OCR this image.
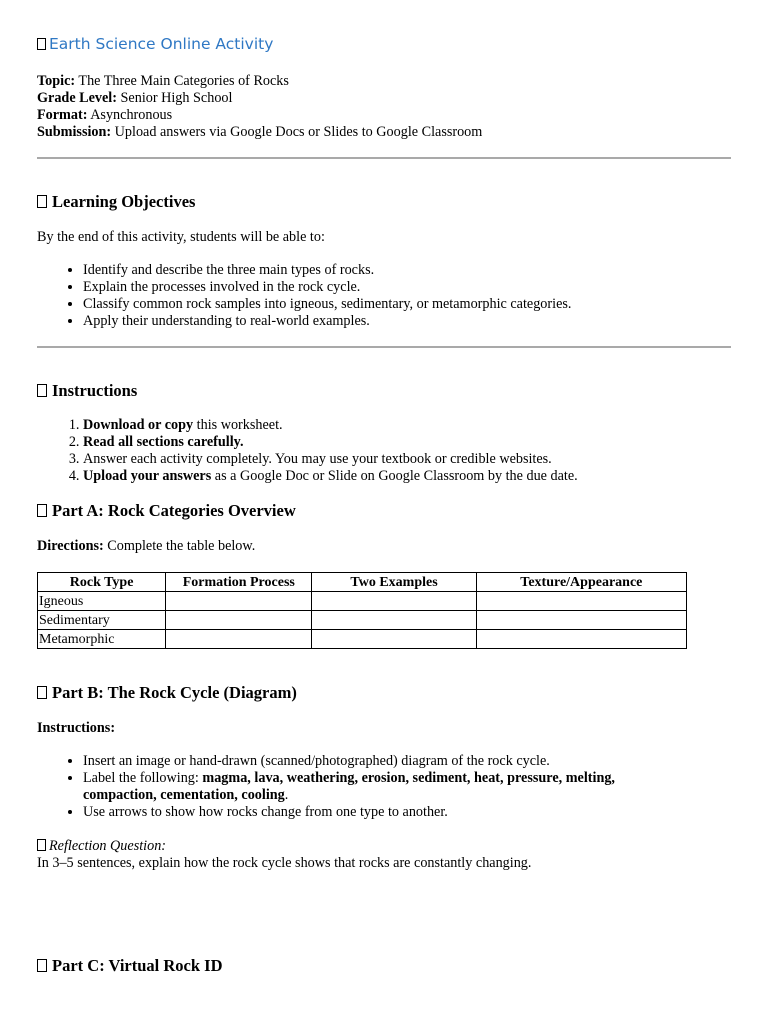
Earth Science Online Activity
Topic: The Three Main Categories of Rocks
Grade Level: Senior High School
Format: Asynchronous
Submission: Upload answers via Google Docs or Slides to Google Classroom
Learning Objectives

By the end of this activity, students will be able to:

• Identify and describe the three main types of rocks.
• Explain the processes involved in the rock cycle.
• Classify common rock samples into igneous, sedimentary, or metamorphic categories.
• Apply their understanding to real-world examples.
Instructions
1. Download or copy this worksheet.
2. Read all sections carefully.
3. Answer each activity completely. You may use your textbook or credible websites.
4. Upload your answers as a Google Doc or Slide on Google Classroom by the due date.
Part A: Rock Categories Overview

Directions: Complete the table below.

Rock Type	Formation Process	Two Examples	Texture/Appearance
Igneous			
Sedimentary			
Metamorphic			
Part B: The Rock Cycle (Diagram)

Instructions:

• Insert an image or hand-drawn (scanned/photographed) diagram of the rock cycle.
• Label the following: magma, lava, weathering, erosion, sediment, heat, pressure, melting, compaction, cementation, cooling.
• Use arrows to show how rocks change from one type to another.

Reflection Question:

In 3–5 sentences, explain how the rock cycle shows that rocks are constantly changing.

Part C: Virtual Rock ID
